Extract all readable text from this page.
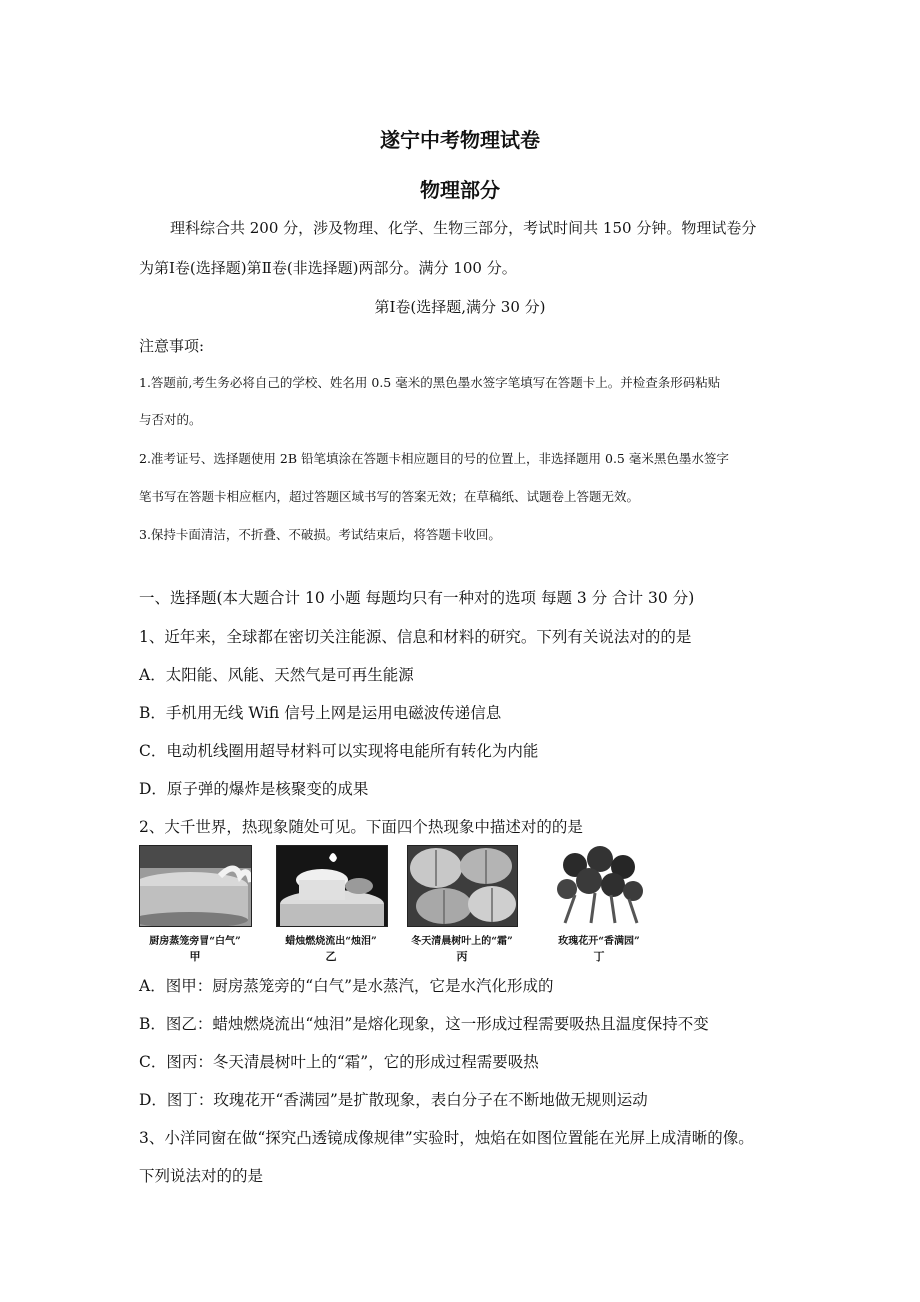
遂宁中考物理试卷
物理部分
理科综合共 200 分，涉及物理、化学、生物三部分，考试时间共 150 分钟。物理试卷分
为第Ⅰ卷(选择题)第Ⅱ卷(非选择题)两部分。满分 100 分。
第Ⅰ卷(选择题,满分 30 分)
注意事项:
1.答题前,考生务必将自己的学校、姓名用 0.5 毫米的黑色墨水签字笔填写在答题卡上。并检查条形码粘贴
与否对的。
2.准考证号、选择题使用 2B 铅笔填涂在答题卡相应题目的号的位置上，非选择题用 0.5 毫米黑色墨水签字
笔书写在答题卡相应框内，超过答题区域书写的答案无效；在草稿纸、试题卷上答题无效。
3.保持卡面清洁，不折叠、不破损。考试结束后，将答题卡收回。
一、选择题(本大题合计 10 小题 每题均只有一种对的选项 每题 3 分 合计 30 分)
1、近年来，全球都在密切关注能源、信息和材料的研究。下列有关说法对的的是
A．太阳能、风能、天然气是可再生能源
B．手机用无线 Wifi 信号上网是运用电磁波传递信息
C．电动机线圈用超导材料可以实现将电能所有转化为内能
D．原子弹的爆炸是核聚变的成果
2、大千世界，热现象随处可见。下面四个热现象中描述对的的是
厨房蒸笼旁冒“白气”
甲
蜡烛燃烧流出“烛泪”
乙
冬天清晨树叶上的“霜”
丙
玫瑰花开“香满园”
丁
A．图甲：厨房蒸笼旁的“白气”是水蒸汽，它是水汽化形成的
B．图乙：蜡烛燃烧流出“烛泪”是熔化现象，这一形成过程需要吸热且温度保持不变
C．图丙：冬天清晨树叶上的“霜”，它的形成过程需要吸热
D．图丁：玫瑰花开“香满园”是扩散现象，表白分子在不断地做无规则运动
3、小洋同窗在做“探究凸透镜成像规律”实验时，烛焰在如图位置能在光屏上成清晰的像。
下列说法对的的是
